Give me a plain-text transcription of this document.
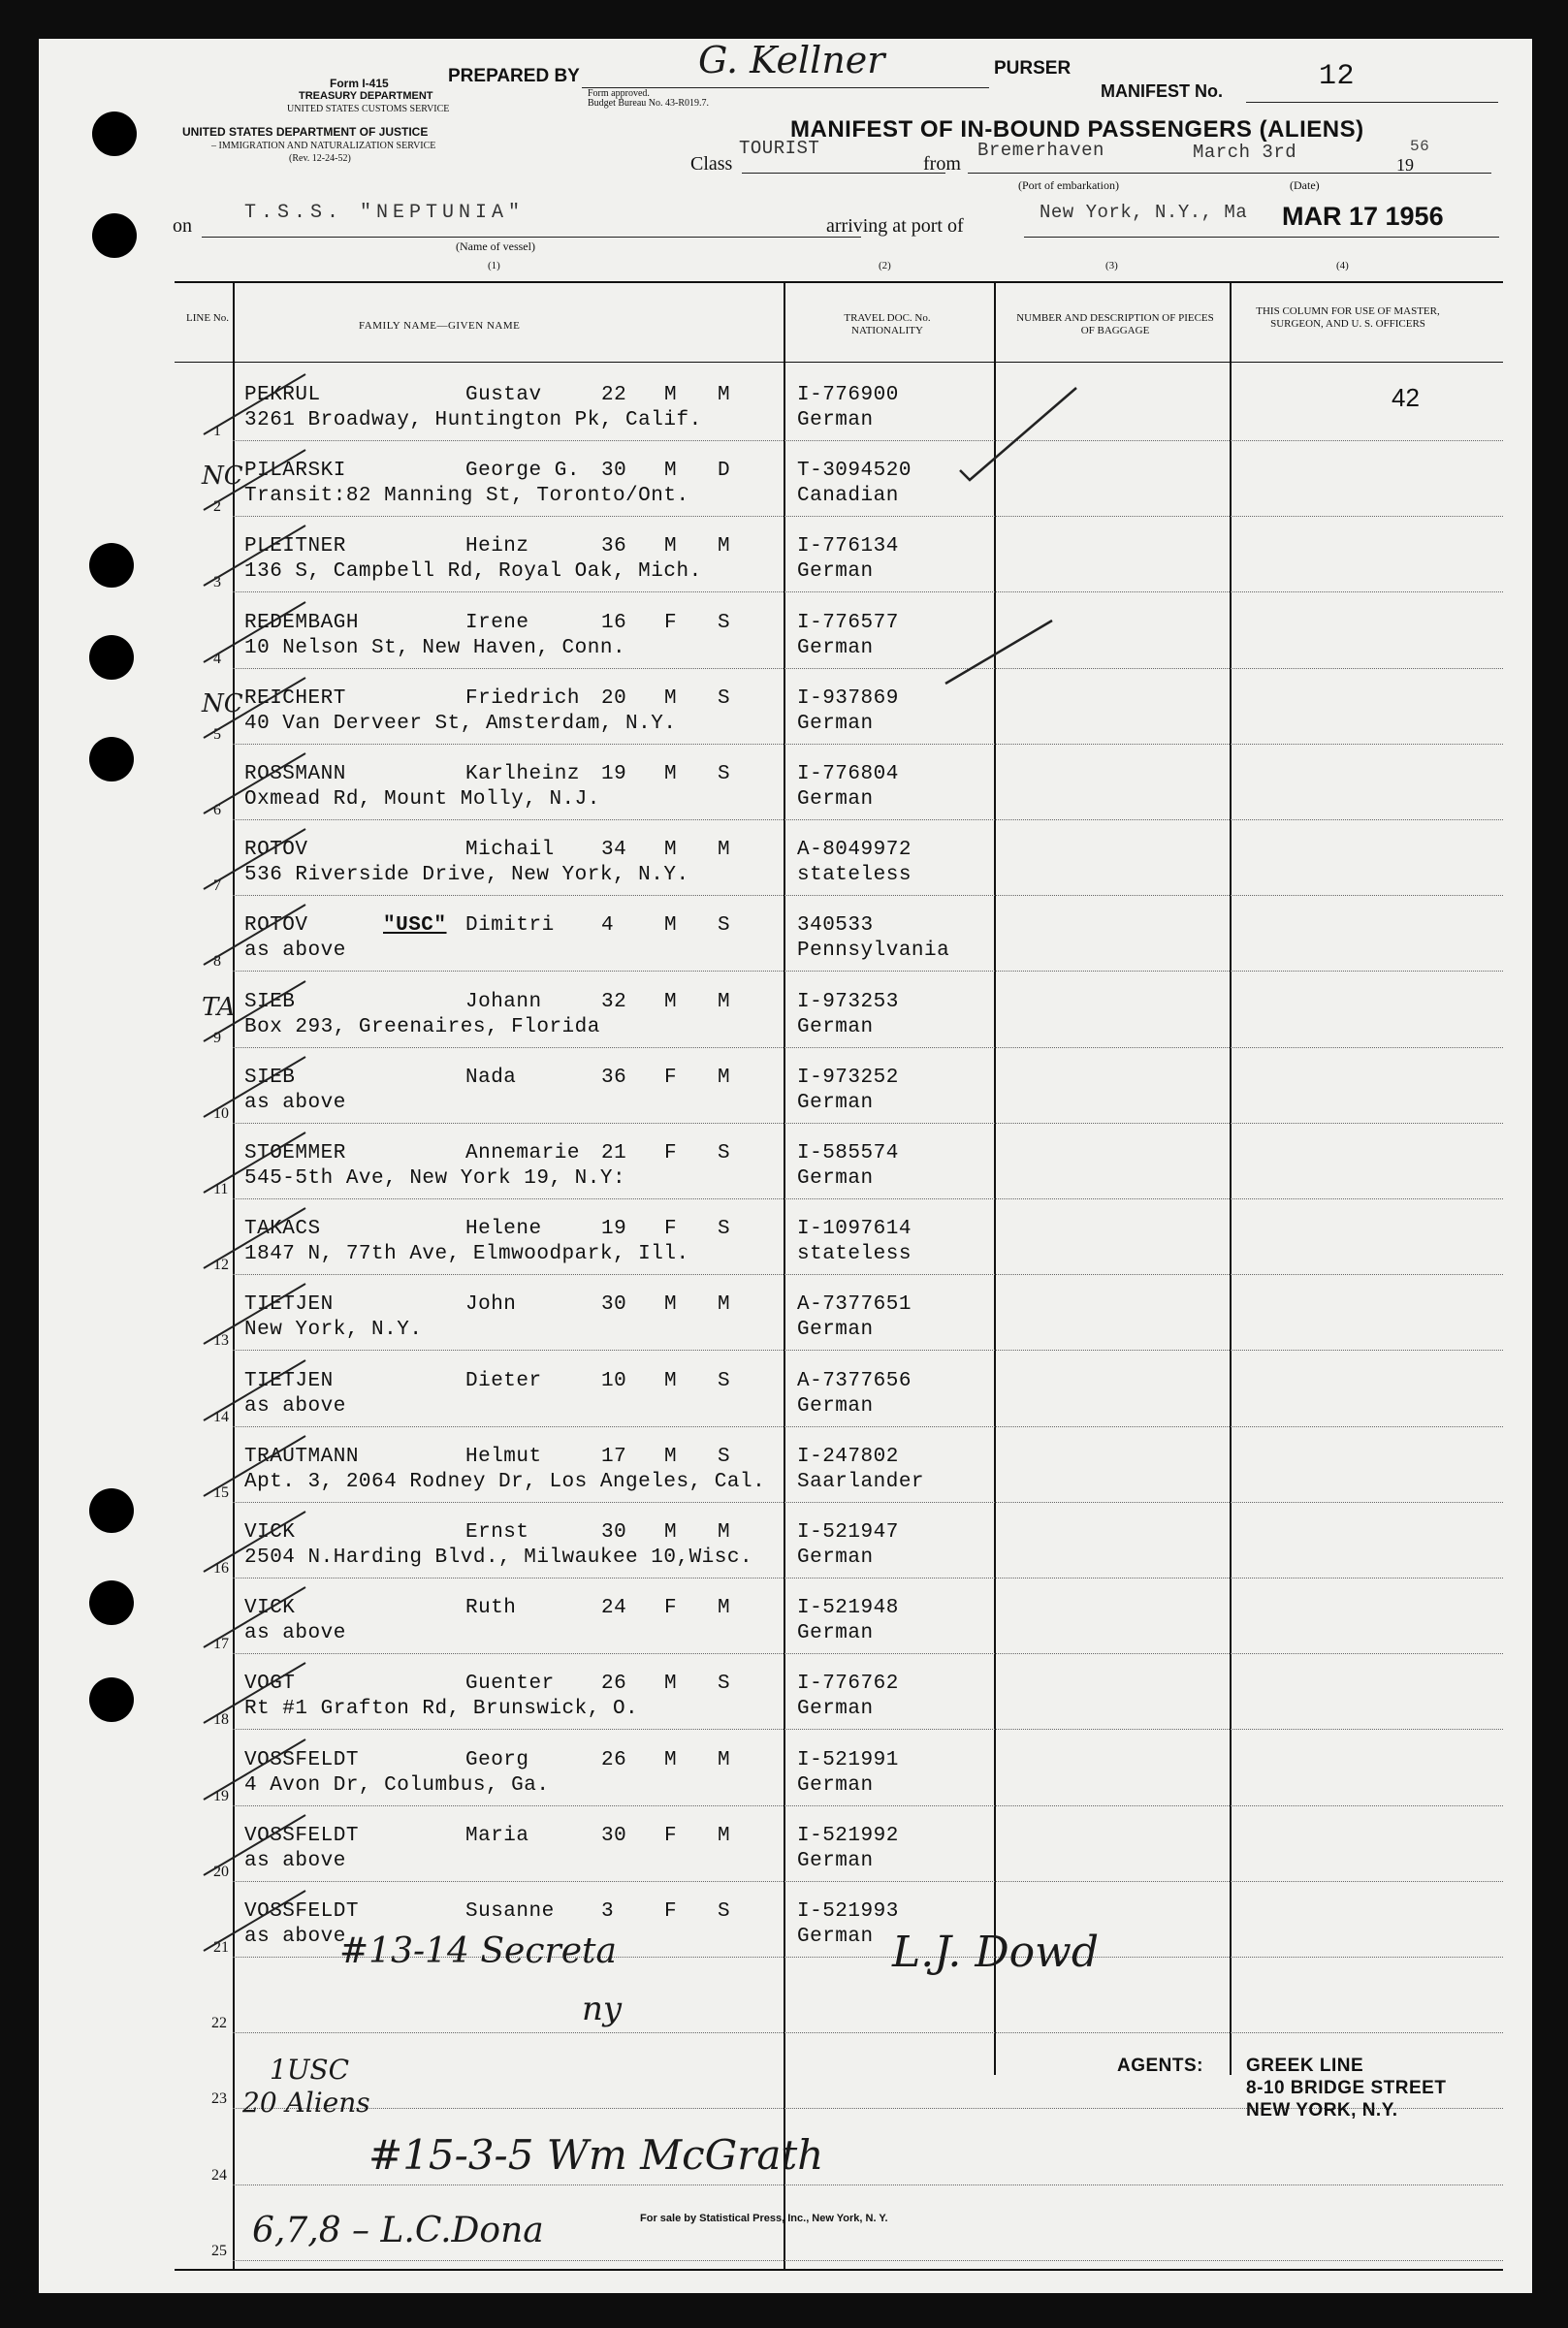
Form I-415
TREASURY DEPARTMENT
UNITED STATES CUSTOMS SERVICE
UNITED STATES DEPARTMENT OF JUSTICE
– IMMIGRATION AND NATURALIZATION SERVICE
(Rev. 12-24-52)
PREPARED BY	G. Kellner
Form approved.
Budget Bureau No. 43-R019.7.
PURSER
MANIFEST No.	12
MANIFEST OF IN-BOUND PASSENGERS (ALIENS)
Class
TOURIST
from
Bremerhaven	March 3rd
19
56
(Port of embarkation)	(Date)
on
T.S.S. "NEPTUNIA"
(Name of vessel)
arriving at port of
New York, N.Y., Ma MAR 17 1956
(1)	(2)	(3)	(4)
LINE No.
FAMILY NAME—GIVEN NAME
TRAVEL DOC. No. NATIONALITY
NUMBER AND DESCRIPTION OF PIECES OF BAGGAGE
THIS COLUMN FOR USE OF MASTER, SURGEON, AND U. S. OFFICERS
42
1
PEKRUL	Gustav	22 M M
3261 Broadway, Huntington Pk, Calif.
I-776900
German
2
PILARSKI	George G. 30 M D
Transit:82 Manning St, Toronto/Ont.
T-3094520
Canadian
NC
3
PLEITNER	Heinz	36 M M
136 S, Campbell Rd, Royal Oak, Mich.
I-776134
German
4
REDEMBAGH	Irene	16 F S
10 Nelson St, New Haven, Conn.
I-776577
German
5
REICHERT	Friedrich 20 M S
40 Van Derveer St, Amsterdam, N.Y.
I-937869
German
NC
6
ROSSMANN	Karlheinz 19 M S
Oxmead Rd, Mount Molly, N.J.
I-776804
German
7
ROTOV	Michail 34 M M
536 Riverside Drive, New York, N.Y.
A-8049972
stateless
8
ROTOV	"USC" Dimitri 4 M S
as above
340533
Pennsylvania
9
SIEB	Johann	32 M M
Box 293, Greenaires, Florida
I-973253
German
TA
10
SIEB	Nada	36 F M
as above
I-973252
German
11
STOEMMER	Annemarie 21 F S
545-5th Ave, New York 19, N.Y:
I-585574
German
12
TAKACS	Helene	19 F S
1847 N, 77th Ave, Elmwoodpark, Ill.
I-1097614
stateless
13
TIETJEN	John	30 M M
New York, N.Y.
A-7377651
German
14
TIETJEN	Dieter	10 M S
as above
A-7377656
German
15
TRAUTMANN	Helmut	17 M S
Apt. 3, 2064 Rodney Dr, Los Angeles, Cal.
I-247802
Saarlander
16
VICK	Ernst	30 M M
2504 N.Harding Blvd., Milwaukee 10,Wisc.
I-521947
German
17
VICK	Ruth	24 F M
as above
I-521948
German
18
VOGT	Guenter 26 M S
Rt #1 Grafton Rd, Brunswick, O.
I-776762
German
19
VOSSFELDT	Georg	26 M M
4 Avon Dr, Columbus, Ga.
I-521991
German
20
VOSSFELDT	Maria	30 F M
as above
I-521992
German
21
VOSSFELDT	Susanne 3 F S
as above
I-521993
German
22
23
24
25
#13-14 Secreta
ny
1USC
20 Aliens
#15-3-5 Wm McGrath
6,7,8 – L.C.Dona
L.J. Dowd
AGENTS: GREEK LINE
8-10 BRIDGE STREET
NEW YORK, N.Y.
For sale by Statistical Press, Inc., New York, N. Y.
